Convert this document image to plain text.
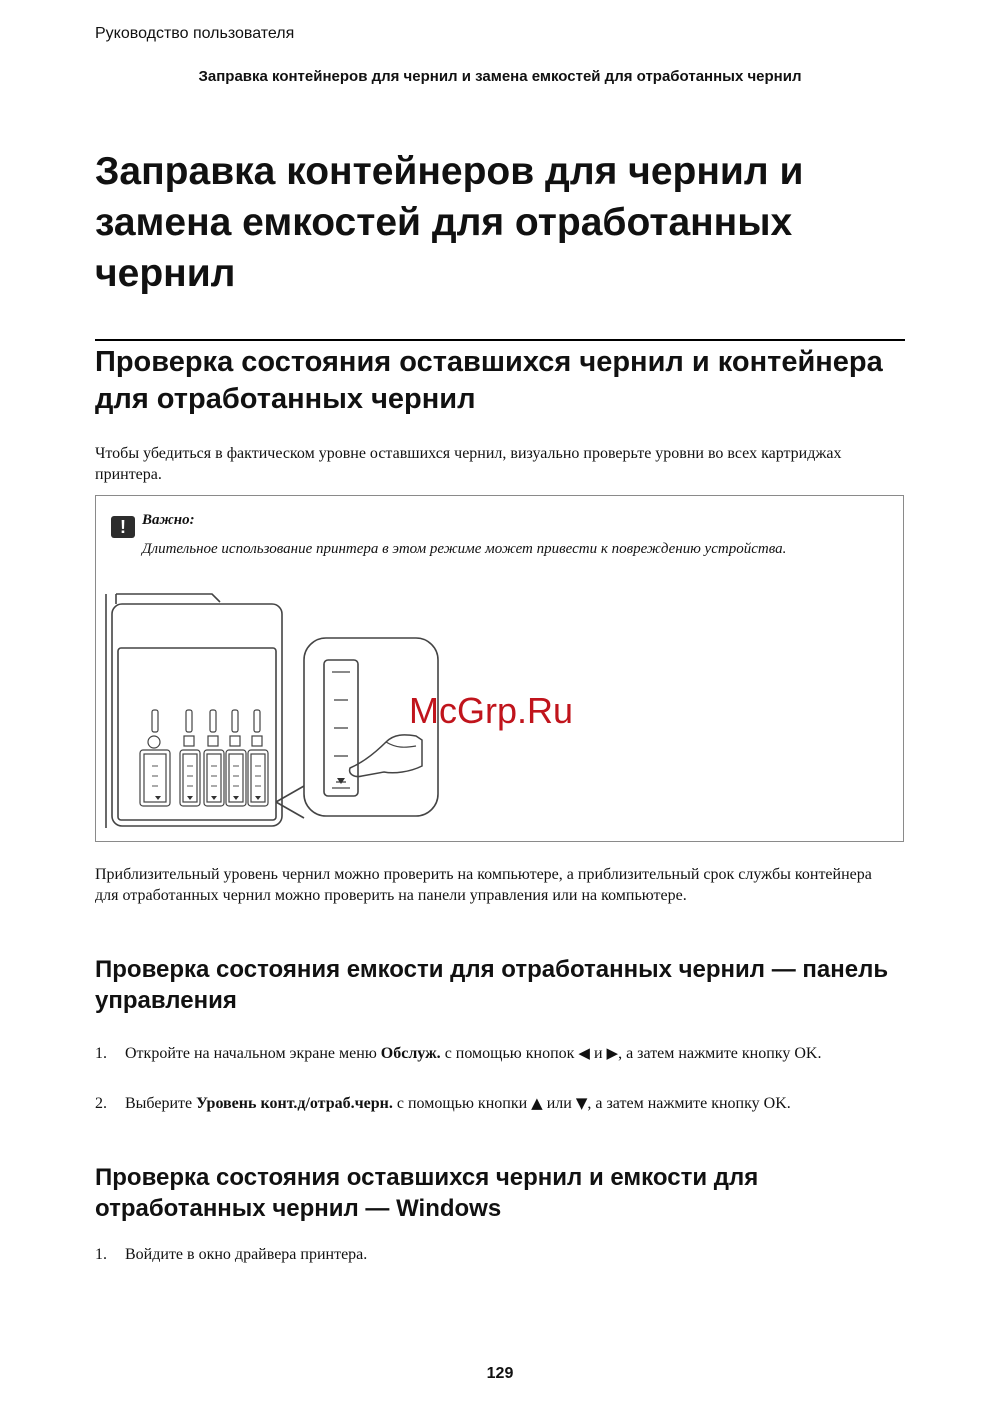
Руководство пользователя
Заправка контейнеров для чернил и замена емкостей для отработанных чернил
Заправка контейнеров для чернил и замена емкостей для отработанных чернил
Проверка состояния оставшихся чернил и контейнера для отработанных чернил

Чтобы убедиться в фактическом уровне оставшихся чернил, визуально проверьте уровни во всех картриджах принтера.

!	Важно:
Длительное использование принтера в этом режиме может привести к повреждению устройства.
McGrp.Ru

Приблизительный уровень чернил можно проверить на компьютере, а приблизительный срок службы контейнера для отработанных чернил можно проверить на панели управления или на компьютере.

Проверка состояния емкости для отработанных чернил — панель управления
1. Откройте на начальном экране меню Обслуж. с помощью кнопок ◀ и ▶, а затем нажмите кнопку OK.
2. Выберите Уровень конт.д/отраб.черн. с помощью кнопки ▲ или ▼, а затем нажмите кнопку OK.
Проверка состояния оставшихся чернил и емкости для отработанных чернил — Windows
1. Войдите в окно драйвера принтера.
129
